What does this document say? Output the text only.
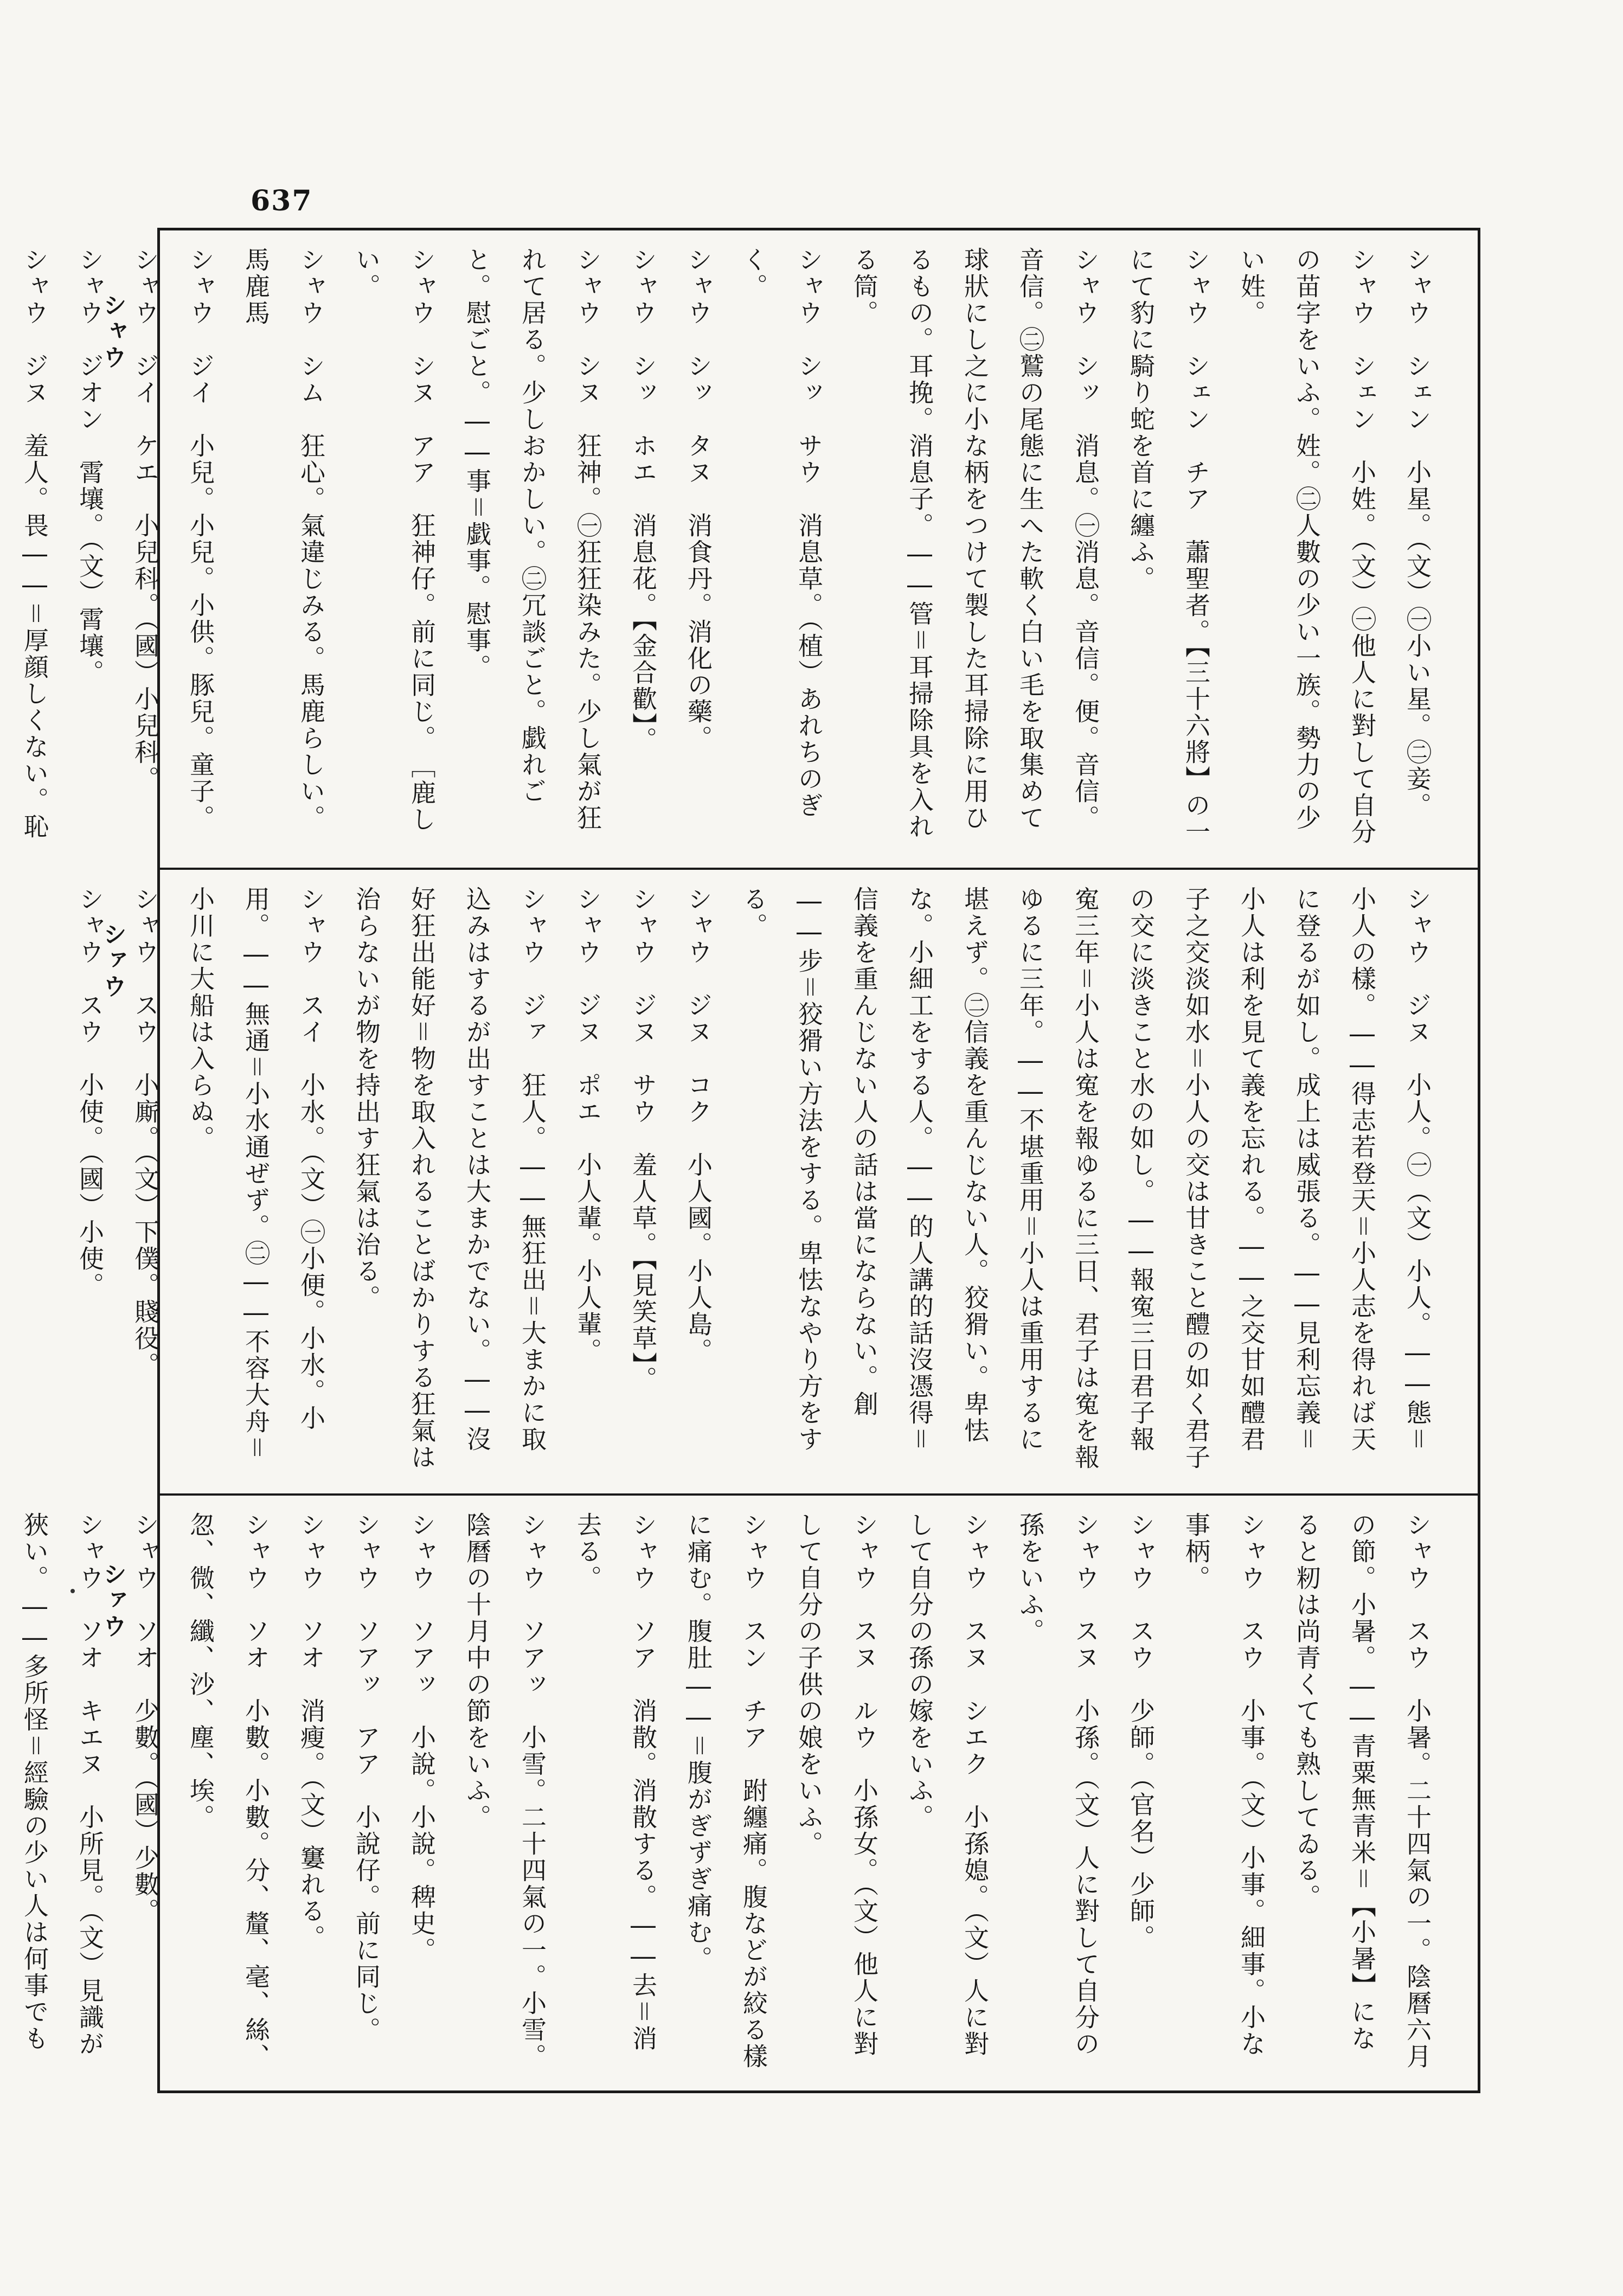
637
シャウ
シァウ
シァウ

シャウ　シェン　小星。（文）㊀小い星。㊁妾。

シャウ　シェン　小姓。（文）㊀他人に對して自分の苗字をいふ。姓。㊁人數の少い一族。勢力の少い姓。

シャウ　シェン　チア　蕭聖者。【三十六將】の一にて豹に騎り蛇を首に纏ふ。

シャウ　シッ　消息。㊀消息。音信。便。音信。音信。㊁鷲の尾態に生へた軟く白い毛を取集めて球狀にし之に小な柄をつけて製した耳掃除に用ひるもの。耳挽。消息子。――管＝耳掃除具を入れる筒。

シャウ　シッ　サウ　消息草。（植）あれちのぎく。

シャウ　シッ　タヌ　消食丹。消化の藥。

シャウ　シッ　ホエ　消息花。【金合歡】。

シャウ　シヌ　狂神。㊀狂狂染みた。少し氣が狂れて居る。少しおかしい。㊁冗談ごと。戯れごと。慰ごと。――事＝戯事。慰事。

シャウ　シヌ　アア　狂神仔。前に同じ。　［鹿しい。

シャウ　シム　狂心。氣違じみる。馬鹿らしい。馬鹿馬

シャウ　ジイ　小兒。小兒。小供。豚兒。童子。

シャウ　ジイ　ケエ　小兒科。（國）小兒科。

シャウ　ジオン　霄壤。（文）霄壤。

シャウ　ジヌ　羞人。畏――＝厚顔しくない。恥

シャウ　ジヌ　小人。㊀（文）小人。――態＝小人の樣。――得志若登天＝小人志を得れば天に登るが如し。成上は威張る。――見利忘義＝小人は利を見て義を忘れる。――之交甘如醴君子之交淡如水＝小人の交は甘きこと醴の如く君子の交に淡きこと水の如し。――報寃三日君子報寃三年＝小人は寃を報ゆるに三日、君子は寃を報ゆるに三年。――不堪重用＝小人は重用するに堪えず。㊁信義を重んじない人。狡猾い。卑怯な。小細工をする人。――的人講的話沒憑得＝信義を重んじない人の話は當にならない。創――步＝狡猾い方法をする。卑怯なやり方をする。

シャウ　ジヌ　コク　小人國。小人島。

シャウ　ジヌ　サウ　羞人草。【見笑草】。

シャウ　ジヌ　ポエ　小人輩。小人輩。

シャウ　ジァ　狂人。――無狂出＝大まかに取込みはするが出すことは大まかでない。――沒好狂出能好＝物を取入れることばかりする狂氣は治らないが物を持出す狂氣は治る。

シャウ　スイ　小水。（文）㊀小便。小水。小用。――無通＝小水通ぜず。㊁――不容大舟＝小川に大船は入らぬ。

シャウ　スウ　小廝。（文）下僕。賤役。

シャウ　スウ　小使。（國）小使。

シャウ　スウ　小暑。二十四氣の一。陰曆六月の節。小暑。――青粟無青米＝【小暑】になると籾は尚青くても熟してゐる。

シャウ　スウ　小事。（文）小事。細事。小な事柄。

シャウ　スウ　少師。（官名）少師。

シャウ　スヌ　小孫。（文）人に對して自分の孫をいふ。

シャウ　スヌ　シエク　小孫媳。（文）人に對して自分の孫の嫁をいふ。

シャウ　スヌ　ルウ　小孫女。（文）他人に對して自分の子供の娘をいふ。

シャウ　スン　チア　跗纏痛。腹などが絞る樣に痛む。腹肚――＝腹がぎずぎ痛む。

シャウ　ソア　消散。消散する。――去＝消去る。

シャウ　ソアッ　小雪。二十四氣の一。小雪。陰曆の十月中の節をいふ。

シャウ　ソアッ　小說。小說。稗史。

シャウ　ソアッ　アア　小說仔。前に同じ。

シャウ　ソオ　消瘦。（文）窶れる。

シャウ　ソオ　小數。小數。分、釐、毫、絲、忽、微、纖、沙、塵、埃。

シャウ　ソオ　少數。（國）少數。

シャウ　ソオ　キエヌ　小所見。（文）見識が狹い。――多所怪＝經驗の少い人は何事でも
